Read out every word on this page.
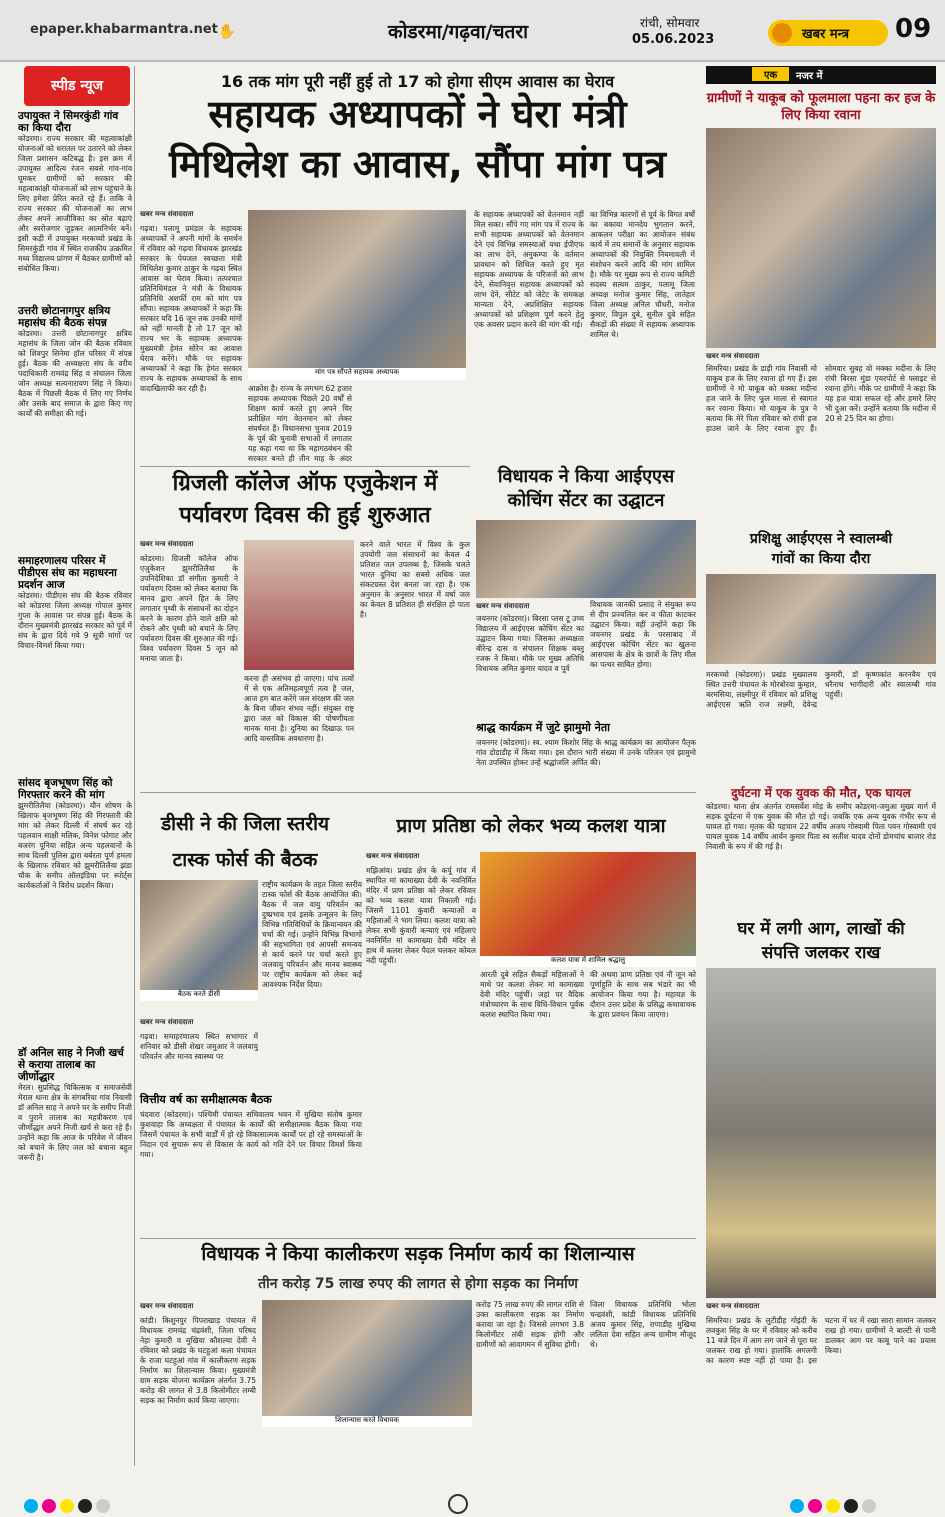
epaper.khabarmantra.net ✋	कोडरमा/गढ़वा/चतरा	रांची, सोमवार
05.06.2023	खबर मन्त्र	09
स्पीड न्यूज
उपायुक्त ने सिमरकुंडी गांव का किया दौरा
कोडरमा। राज्य सरकार की महत्वाकांक्षी योजनाओं को धरातल पर उतारने को लेकर जिला प्रशासन कटिबद्ध है। इस क्रम में उपायुक्त आदित्य रंजन सबसे गांव-गांव घूमकर ग्रामीणों को सरकार की महत्वाकांक्षी योजनाओं को लाभ पहुंचाने के लिए हमेशा प्रेरित करते रहे हैं। ताकि वे राज्य सरकार की योजनाओं का लाभ लेकर अपने आजीविका का स्रोत बढ़ाएं और स्वरोजगार जुड़कर आत्मनिर्भर बनें। इसी कड़ी में उपायुक्त मरकच्चो प्रखंड के सिमरकुंडी गांव में स्थित राजकीय उत्क्रमित मध्य विद्यालय प्रांगण में बैठकर ग्रामीणों को संबोधित किया।
उत्तरी छोटानागपुर क्षत्रिय महासंघ की बैठक संपन्न
कोडरमा। उत्तरी छोटानागपुर क्षत्रिय महासंघ के जिला जोन की बैठक रविवार को शिवपुर सिनेमा हॉल परिसर में संपन्न हुई। बैठक की अध्यक्षता संघ के वरीय पदाधिकारी रामवंद्र सिंह व संचालन जिला जोन अध्यक्ष सत्यनारायण सिंह ने किया। बैठक में पिछली बैठक में लिए गए निर्णय और उसके बाद समाज के द्वारा किए गए कार्यों की समीक्षा की गई।
समाहरणालय परिसर में पीडीएस संघ का महाधरना प्रदर्शन आज
कोडरमा। पीडीएस संघ की बैठक रविवार को कोडरमा जिला अध्यक्ष गोपाल कुमार गुप्ता के आवास पर संपन्न हुई। बैठक के दौरान मुख्यमंत्री झारखंड सरकार को पूर्व में संघ के द्वारा दिये गये 9 सूत्री मांगों पर विचार-विमर्श किया गया।
सांसद बृजभूषण सिंह को गिरफ्तार करने की मांग
झुमरीतिलैया (कोडरमा)। यौन शोषण के खिलाफ बृजभूषण सिंह की गिरफ्तारी की मांग को लेकर दिल्ली में संघर्ष कर रहे पहलवान साक्षी मलिक, विनेश फोगाट और बजरंग पूनिया सहित अन्य पहलवानों के साथ दिल्ली पुलिस द्वारा बर्बरता पूर्ण हमला के खिलाफ रविवार को झुमरीतिलैया झंडा चौक के समीप ऑलइंडिया पर स्पोर्ट्स कार्यकर्ताओं ने विरोध प्रदर्शन किया।
डॉ अनिल साह ने निजी खर्च से कराया तालाब का जीर्णोद्धार
मेरल। सुप्रसिद्ध चिकित्सक व समाजसेवी मेराल थाना क्षेत्र के संगबरिया गांव निवासी डॉ अनिल साह ने अपने घर के समीप निजी व पुराने तालाब का महत्रीकरण एवं जीर्णोद्धार अपने निजी खर्च से करा रहे हैं। उन्होंने कहा कि आज के परिवेश में जीवन को बचाने के लिए जल को बचाना बहुत जरूरी है।
16 तक मांग पूरी नहीं हुई तो 17 को होगा सीएम आवास का घेराव
सहायक अध्यापकों ने घेरा मंत्री
मिथिलेश का आवास, सौंपा मांग पत्र
खबर मन्त्र संवाददाता
गढ़वा। पलामू प्रमंडल के सहायक अध्यापकों ने अपनी मांगों के समर्थन में रविवार को गढ़वा विधायक झारखंड सरकार के पेयजल स्वच्छता मंत्री मिथिलेश कुमार ठाकुर के गढ़वा स्थित आवास का घेराव किया। तत्पश्चात प्रतिनिधिमंडल ने मंत्री के विधायक प्रतिनिधि अशर्फी राम को मांग पत्र सौंपा। सहायक अध्यापकों ने कहा कि सरकार यदि 16 जून तक उनकी मांगों को नहीं मानती है तो 17 जून को राज्य भर के सहायक अध्यापक मुख्यमंत्री हेमंत सोरेन का आवास घेराव करेंगे। मौके पर सहायक अध्यापकों ने कहा कि हेमंत सरकार राज्य के सहायक अध्यापकों के साथ वादाखिलाफी कर रही है।
मांग पत्र सौंपते सहायक अध्यापक
आक्रोश है। राज्य के लगभग 62 हजार सहायक अध्यापक पिछले 20 वर्षों से शिक्षण कार्य करते हुए अपने चिर प्रतीक्षित मांग वेतनमान को लेकर संघर्षरत हैं। विधानसभा चुनाव 2019 के पूर्व की चुनावी सभाओं में लगातार यह कहा गया था कि महागठबंधन की सरकार बनते ही तीन माह के अंदर
के सहायक अध्यापकों को वेतनमान नहीं मिल सका। सौंपे गए मांग पत्र में राज्य के सभी सहायक अध्यापकों को वेतनमान देने एवं विभिन्न समस्याओं यथा ईपीएफ का लाभ देने, अनुकम्पा के वर्तमान प्रावधान को शिथिल करते हुए मृत सहायक अध्यापक के परिजनों को लाभ देने, सेवानिवृत्त सहायक अध्यापकों को लाभ देने, सीटेट को जेटेट के समकक्ष मान्यता देने, अप्रशिक्षित सहायक अध्यापकों को प्रशिक्षण पूर्ण करने हेतु एक अवसर प्रदान करने की मांग की गई।
का विभिन्न कारणों से पूर्व के विगत वर्षों का बकाया मानदेय भुगतान करने, आकलन परीक्षा का आयोजन संबंध कार्य में तय समानों के अनुसार सहायक अध्यापकों की नियुक्ति नियमावली में संशोधन करने आदि की मांग शामिल है। मौके पर मुख्य रूप से राज्य कमिटी सदस्य सत्यम ठाकुर, पलामू जिला अध्यक्ष मनोज कुमार सिंह, लातेहार जिला अध्यक्ष अनिल चौधरी, मनोज कुमार, विपुल दुबे, सुनील दुबे सहित सैकड़ों की संख्या में सहायक अध्यापक शामिल थे।
एक	नजर में
ग्रामीणों ने याकूब को फूलमाला पहना कर हज के लिए किया रवाना
खबर मन्त्र संवाददाता
सिमरिया। प्रखंड के डाड़ी गांव निवासी मो याकूब हज के लिए रवाना हो गए हैं। इस ग्रामीणों ने मो याकूब को मक्का मदीना हज जाने के लिए फूल माला से स्वागत कर रवाना किया। मो याकूब के पुत्र ने बताया कि मेरे पिता रविवार को रांची हज हाउस जाने के लिए रवाना हुए हैं। सोमवार सुबह वो मक्का मदीना के लिए रांची बिरसा मुंडा एयरपोर्ट से फ्लाइट से रवाना होंगे। मौके पर ग्रामीणों ने कहा कि यह हज यात्रा सफल रहे और हमारे लिए भी दुआ करें। उन्होंने बताया कि मदीना में 20 से 25 दिन का होगा।
ग्रिजली कॉलेज ऑफ एजुकेशन में
पर्यावरण दिवस की हुई शुरुआत
खबर मन्त्र संवाददाता
कोडरमा। ग्रिजली कॉलेज ऑफ एजुकेशन झुमरीतिलैया के उपनिदेशिका डॉ संगीता कुमारी ने पर्यावरण दिवस को लेकर बताया कि मानव द्वारा अपने हित के लिए लगातार पृथ्वी के संसाधनों का दोहन करने के कारण होने वाले क्षति को रोकने और पृथ्वी को बचाने के लिए पर्यावरण दिवस की शुरुआत की गई। विश्व पर्यावरण दिवस 5 जून को मनाया जाता है।
करना ही असंभव हो जाएगा। पांच तत्वों में से एक अतिमहत्वपूर्ण तत्व है जल, आज हम बात करेंगे जल संरक्षण की जल के बिना जीवन संभव नहीं। संयुक्त राष्ट्र द्वारा जल को विकास की पोषणीयता मानक माना है। दुनिया का दिखाऊ पन आदि वास्तविक अवधारणा है।
करने वाले भारत में विश्व के कुल उपयोगी जल संसाधनों का केवल 4 प्रतिशत जल उपलब्ध है, जिसके चलते भारत दुनिया का सबसे अधिक जल संकटग्रस्त देश बनता जा रहा है। एक अनुमान के अनुसार भारत में वर्षा जल का केवल 8 प्रतिशत ही संरक्षित हो पाता है।
विधायक ने किया आईएएस
कोचिंग सेंटर का उद्घाटन
खबर मन्त्र संवाददाता
जयनगर (कोडरमा)। बिरसा प्लस टू उच्च विद्यालय में आईएएस कोचिंग सेंटर का उद्घाटन किया गया। जिसका अध्यक्षता बीरेन्द्र दास व संचालन शिक्षक बब्लू रजक ने किया। मौके पर मुख्य अतिथि विधायक अमित कुमार यादव व पूर्व
विधायक जानकी प्रसाद ने संयुक्त रूप से दीप प्रज्वलित कर व फीता काटकर उद्घाटन किया। वहीं उन्होंने कहा कि जयनगर प्रखंड के परसाबाद में आईएएस कोचिंग सेंटर का खुलना आसपास के क्षेत्र के छात्रों के लिए मील का पत्थर साबित होगा।
श्राद्ध कार्यक्रम में जुटे झामुमो नेता
जयनगर (कोडरमा)। स्व. श्याम किशोर सिंह के श्राद्ध कार्यक्रम का आयोजन पैतृक गांव डोडाडीह में किया गया। इस दौरान भारी संख्या में उनके परिजन एवं झामुमो नेता उपस्थित होकर उन्हें श्रद्धांजलि अर्पित की।
प्रशिक्षु आईएएस ने स्वालम्बी
गांवों का किया दौरा
मरकच्चो (कोडरमा)। प्रखंड मुख्यालय स्थित उत्तरी पंचायत के मोरबोरवा कुम्हार, बरमसिया, लक्ष्मीपुर में रविवार को प्रशिक्षु आईएएस ऋति राज लक्ष्मी, देवेन्द्र कुमारी, डॉ कृष्णकांत करनवैय एवं धरैनाथ भागीदारी और स्वालम्बी गांव पहुंचीं।
दुर्घटना में एक युवक की मौत, एक घायल
कोडरमा। थाना क्षेत्र अंतर्गत रामसर्वेश मोड़ के समीप कोडरमा-जमुआ मुख्य मार्ग में सड़क दुर्घटना में एक युवक की मौत हो गई। जबकि एक अन्य युवक गंभीर रूप से घायल हो गया। मृतक की पहचान 22 वर्षीय अजय गोस्वामी पिता पवन गोस्वामी एवं घायल युवक 14 वर्षीय आर्यन कुमार पिता स्व सतीश यादव दोनों डोमचांच बाजार रोड निवासी के रूप में की गई है।
डीसी ने की जिला स्तरीय
टास्क फोर्स की बैठक
बैठक करते डीसी
खबर मन्त्र संवाददाता
गढ़वा। समाहरणालय स्थित सभागार में शनिवार को डीसी शेखर जमुआर ने जलवायु परिवर्तन और मानव स्वास्थ्य पर
राष्ट्रीय कार्यक्रम के तहत जिला स्तरीय टास्क फोर्स की बैठक आयोजित की। बैठक में जल वायु परिवर्तन का दुष्प्रभाव एवं इसके उन्मूलन के लिए विभिन्न गतिविधियों के क्रियान्वयन की चर्चा की गई। उन्होंने विभिन्न विभागों की सहभागिता एवं आपसी समन्वय से कार्य करने पर चर्चा करते हुए जलवायु परिवर्तन और मानव स्वास्थ्य पर राष्ट्रीय कार्यक्रम को लेकर कई आवश्यक निर्देश दिया।
वित्तीय वर्ष का समीक्षात्मक बैठक
चंदवारा (कोडरमा)। पश्चिमी पंचायत सचिवालय भवन में मुखिया संतोष कुमार कुशवाहा कि अध्यक्षता में पंचायत के कार्यों की समीक्षात्मक बैठक किया गया जिसमें पंचायत के सभी वार्डों में हो रहे विकासात्मक कार्यों पर हो रहे समस्याओं के निदान एवं सुचारू रूप से विकास के कार्य को गति देने पर विचार विमर्श किया गया।
प्राण प्रतिष्ठा को लेकर भव्य कलश यात्रा
खबर मन्त्र संवाददाता
मझिआंव। प्रखंड क्षेत्र के कर्पू गांव में स्थापित मां कामाख्या देवी के नवनिर्मित मंदिर में प्राण प्रतिष्ठा को लेकर रविवार को भव्य कलश यात्रा निकाली गई। जिसमें 1101 कुंवारी कन्याओं व महिलाओं ने भाग लिया। कलश यात्रा को लेकर सभी कुंवारी कन्याएं एवं महिलाएं नवनिर्मित मां कामाख्या देवी मंदिर से हाथ में कलश लेकर पैदल चलकर कोयल नदी पहुंचीं।	कलश यात्रा में शामिल श्रद्धालु
आरती दुबे सहित सैकड़ों महिलाओं ने माथे पर कलश लेकर मां कामाख्या देवी मंदिर पहुंचीं। जहां पर वैदिक मंत्रोच्चारण के साथ विधि-विधान पूर्वक कलश स्थापित किया गया।
की अथवा प्राण प्रतिष्ठा एवं नौ जून को पूर्णाहुति के साथ सब भंडारे का भी आयोजन किया गया है। महायज्ञ के दौरान उत्तर प्रदेश के प्रसिद्ध कथावाचक के द्वारा प्रवचन किया जाएगा।
घर में लगी आग, लाखों की
संपत्ति जलकर राख
खबर मन्त्र संवाददाता
सिमरिया। प्रखंड के लुटीडीह गोइंदी के लवकुश सिंह के घर में रविवार को करीब 11 बजे दिन में आग लग जाने से पूरा घर जलकर राख हो गया। हालांकि अगलगी का कारण स्पष्ट नहीं हो पाया है। इस घटना में घर में रखा सारा सामान जलकर राख हो गया। ग्रामीणों ने बाल्टी से पानी डालकर आग पर काबू पाने का प्रयास किया।
विधायक ने किया कालीकरण सड़क निर्माण कार्य का शिलान्यास
तीन करोड़ 75 लाख रुपए की लागत से होगा सड़क का निर्माण
खबर मन्त्र संवाददाता
कांडी। किशुनपुर पिपराखाड़ पंचायत में विधायक रामचंद्र चंद्रवंशी, जिला परिषद नेहा कुमारी व मुखिया कौशल्या देवी ने रविवार को प्रखंड के घटहुआं कला पंचायत के राजा घटहुआं गांव में कालीकरण सड़क निर्माण का शिलान्यास किया। मुख्यमंत्री ग्राम सड़क योजना कार्यक्रम अंतर्गत 3.75 करोड़ की लागत से 3.8 किलोमीटर लम्बी सड़क का निर्माण कार्य किया जाएगा।
शिलान्यास करते विधायक
करोड़ 75 लाख रुपए की लागत राशि से उक्त कालीकरण सड़क का निर्माण कराया जा रहा है। जिससे लगभग 3.8 किलोमीटर लंबी सड़क होगी और ग्रामीणों को आवागमन में सुविधा होगी।
जिला विधायक प्रतिनिधि भोला चन्द्रवंशी, कांडी विधायक प्रतिनिधि अजय कुमार सिंह, राणाडीह मुखिया ललिता देवा सहित अन्य ग्रामीण मौजूद थे।
